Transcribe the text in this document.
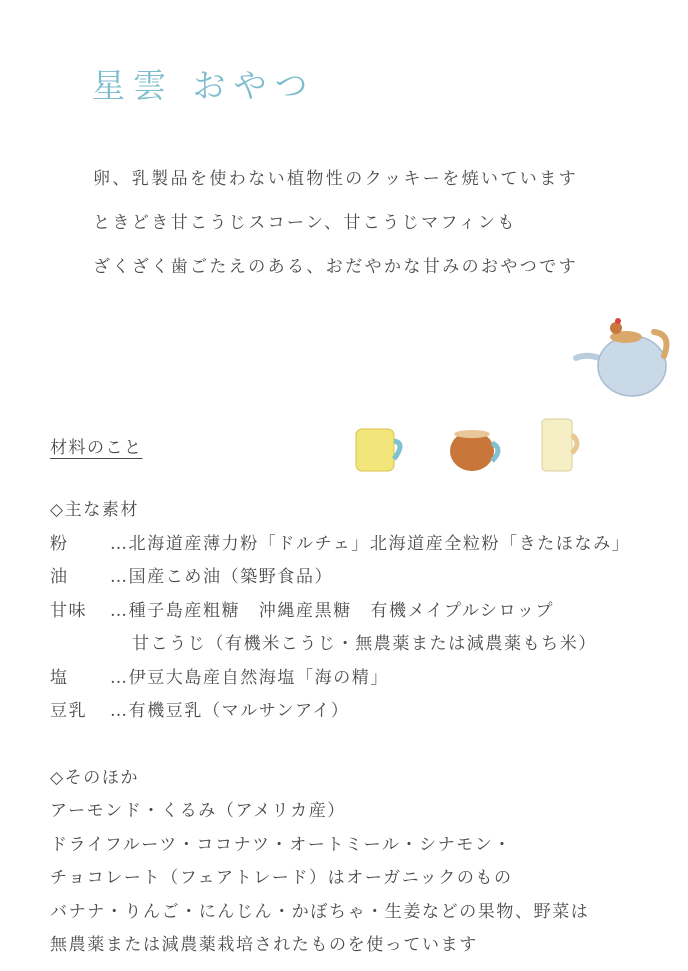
星雲 おやつ

卵、乳製品を使わない植物性のクッキーを焼いています

ときどき甘こうじスコーン、甘こうじマフィンも

ざくざく歯ごたえのある、おだやかな甘みのおやつです

材料のこと
◇主な素材
粉	…北海道産薄力粉「ドルチェ」北海道産全粒粉「きたほなみ」
油	…国産こめ油（築野食品）
甘味	…種子島産粗糖　沖縄産黒糖　有機メイプルシロップ
甘こうじ（有機米こうじ・無農薬または減農薬もち米）
塩	…伊豆大島産自然海塩「海の精」
豆乳	…有機豆乳（マルサンアイ）
◇そのほか
アーモンド・くるみ（アメリカ産）
ドライフルーツ・ココナツ・オートミール・シナモン・
チョコレート（フェアトレード）はオーガニックのもの
バナナ・りんご・にんじん・かぼちゃ・生姜などの果物、野菜は
無農薬または減農薬栽培されたものを使っています
